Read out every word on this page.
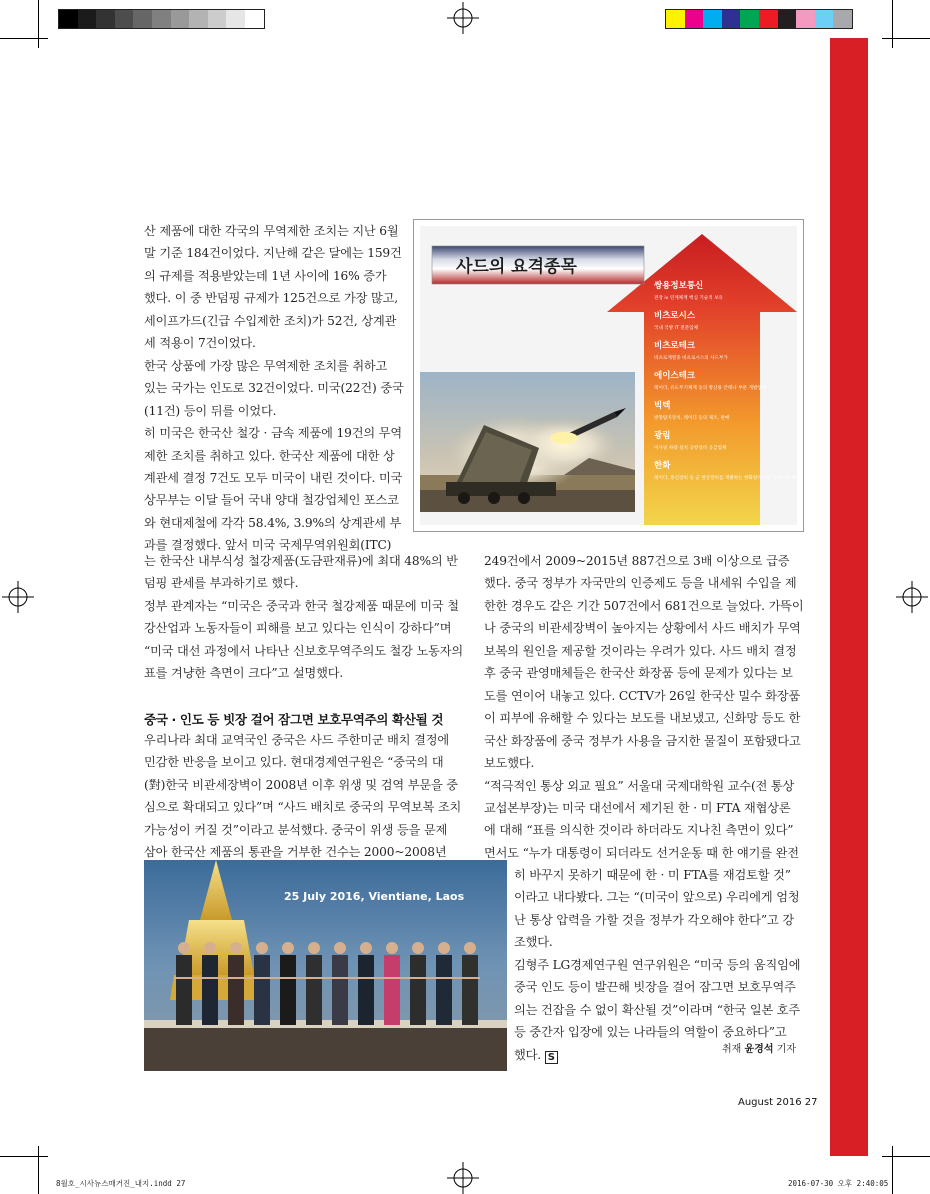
산 제품에 대한 각국의 무역제한 조치는 지난 6월

말 기준 184건이었다. 지난해 같은 달에는 159건

의 규제를 적용받았는데 1년 사이에 16% 증가

했다. 이 중 반덤핑 규제가 125건으로 가장 많고,

세이프가드(긴급 수입제한 조치)가 52건, 상계관

세 적용이 7건이었다.

한국 상품에 가장 많은 무역제한 조치를 취하고

있는 국가는 인도로 32건이었다. 미국(22건) 중국

(11건) 등이 뒤를 이었다.

히 미국은 한국산 철강 · 금속 제품에 19건의 무역

제한 조치를 취하고 있다. 한국산 제품에 대한 상

계관세 결정 7건도 모두 미국이 내린 것이다. 미국

상무부는 이달 들어 국내 양대 철강업체인 포스코

와 현대제철에 각각 58.4%, 3.9%의 상계관세 부

과를 결정했다. 앞서 미국 국제무역위원회(ITC)

사드의 요격종목
쌍용정보통신
전장 iv 연계체계 핵심 기술적 보유
비츠로시스
국내 국방 IT 전문업체
비츠로테크
비츠로계열중 비츠로시스의 사드부가
에이스테크
레이더, 유도무기체계 등의 방산용 안테나 부분 개발업체
빅텍
방향탐지장치, 레이더 등의 제조, 판매
광림
미사일 차량 설치 공항장비 공급업체
한화
레이더, 통신장비 등 군 방산장비를 개발하는 한화탈레스를 자회사로 보유

는 한국산 내부식성 철강제품(도금판재류)에 최대 48%의 반

덤핑 관세를 부과하기로 했다.

정부 관계자는 “미국은 중국과 한국 철강제품 때문에 미국 철

강산업과 노동자들이 피해를 보고 있다는 인식이 강하다”며

“미국 대선 과정에서 나타난 신보호무역주의도 철강 노동자의

표를 겨냥한 측면이 크다”고 설명했다.

중국 · 인도 등 빗장 걸어 잠그면 보호무역주의 확산될 것

우리나라 최대 교역국인 중국은 사드 주한미군 배치 결정에

민감한 반응을 보이고 있다. 현대경제연구원은 “중국의 대

(對)한국 비관세장벽이 2008년 이후 위생 및 검역 부문을 중

심으로 확대되고 있다”며 “사드 배치로 중국의 무역보복 조치

가능성이 커질 것”이라고 분석했다. 중국이 위생 등을 문제

삼아 한국산 제품의 통관을 거부한 건수는 2000~2008년

249건에서 2009~2015년 887건으로 3배 이상으로 급증

했다. 중국 정부가 자국만의 인증제도 등을 내세워 수입을 제

한한 경우도 같은 기간 507건에서 681건으로 늘었다. 가뜩이

나 중국의 비관세장벽이 높아지는 상황에서 사드 배치가 무역

보복의 원인을 제공할 것이라는 우려가 있다. 사드 배치 결정

후 중국 관영매체들은 한국산 화장품 등에 문제가 있다는 보

도를 연이어 내놓고 있다. CCTV가 26일 한국산 밀수 화장품

이 피부에 유해할 수 있다는 보도를 내보냈고, 신화망 등도 한

국산 화장품에 중국 정부가 사용을 금지한 물질이 포함됐다고

보도했다.

“적극적인 통상 외교 필요” 서울대 국제대학원 교수(전 통상

교섭본부장)는 미국 대선에서 제기된 한 · 미 FTA 재협상론

에 대해 “표를 의식한 것이라 하더라도 지나친 측면이 있다”

면서도 “누가 대통령이 되더라도 선거운동 때 한 얘기를 완전

히 바꾸지 못하기 때문에 한 · 미 FTA를 재검토할 것”

이라고 내다봤다. 그는 “(미국이 앞으로) 우리에게 엄청

난 통상 압력을 가할 것을 정부가 각오해야 한다”고 강

조했다.

김형주 LG경제연구원 연구위원은 “미국 등의 움직임에

중국 인도 등이 발끈해 빗장을 걸어 잠그면 보호무역주

의는 건잡을 수 없이 확산될 것”이라며 “한국 일본 호주

등 중간자 입장에 있는 나라들의 역할이 중요하다”고

했다. S

25 July 2016, Vientiane, Laos
취재 윤경석 기자
August 2016 27
8월호_시사뉴스매거진_내지.indd 27	2016-07-30 오후 2:40:05
